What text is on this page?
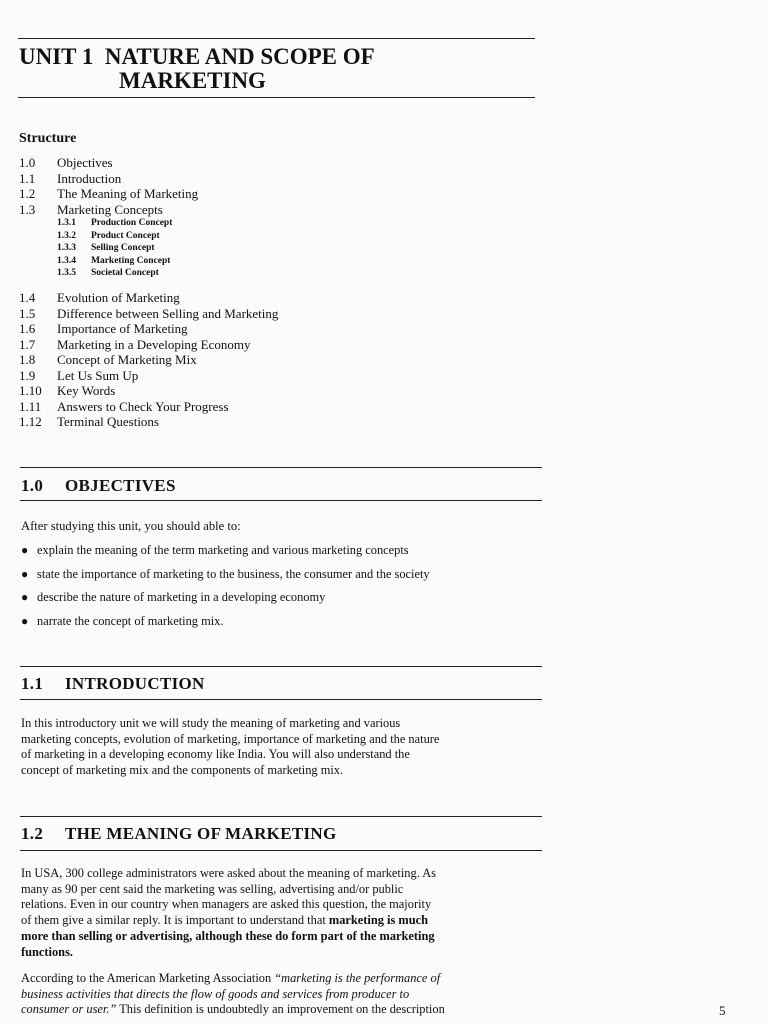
UNIT 1  NATURE AND SCOPE OF
MARKETING
Structure
1.0	Objectives
1.1	Introduction
1.2	The Meaning of Marketing
1.3	Marketing Concepts
1.3.1	Production Concept
1.3.2	Product Concept
1.3.3	Selling Concept
1.3.4	Marketing Concept
1.3.5	Societal Concept
1.4	Evolution of Marketing
1.5	Difference between Selling and Marketing
1.6	Importance of Marketing
1.7	Marketing in a Developing Economy
1.8	Concept of Marketing Mix
1.9	Let Us Sum Up
1.10	Key Words
1.11	Answers to Check Your Progress
1.12	Terminal Questions
1.0 OBJECTIVES
After studying this unit, you should able to:
● explain the meaning of the term marketing and various marketing concepts
● state the importance of marketing to the business, the consumer and the society
● describe the nature of marketing in a developing economy
● narrate the concept of marketing mix.
1.1 INTRODUCTION
In this introductory unit we will study the meaning of marketing and various
marketing concepts, evolution of marketing, importance of marketing and the nature
of marketing in a developing economy like India. You will also understand the
concept of marketing mix and the components of marketing mix.
1.2 THE MEANING OF MARKETING
In USA, 300 college administrators were asked about the meaning of marketing. As
many as 90 per cent said the marketing was selling, advertising and/or public
relations. Even in our country when managers are asked this question, the majority
of them give a similar reply. It is important to understand that marketing is much
more than selling or advertising, although these do form part of the marketing
functions.
According to the American Marketing Association “marketing is the performance of
business activities that directs the flow of goods and services from producer to
consumer or user.” This definition is undoubtedly an improvement on the description	5
